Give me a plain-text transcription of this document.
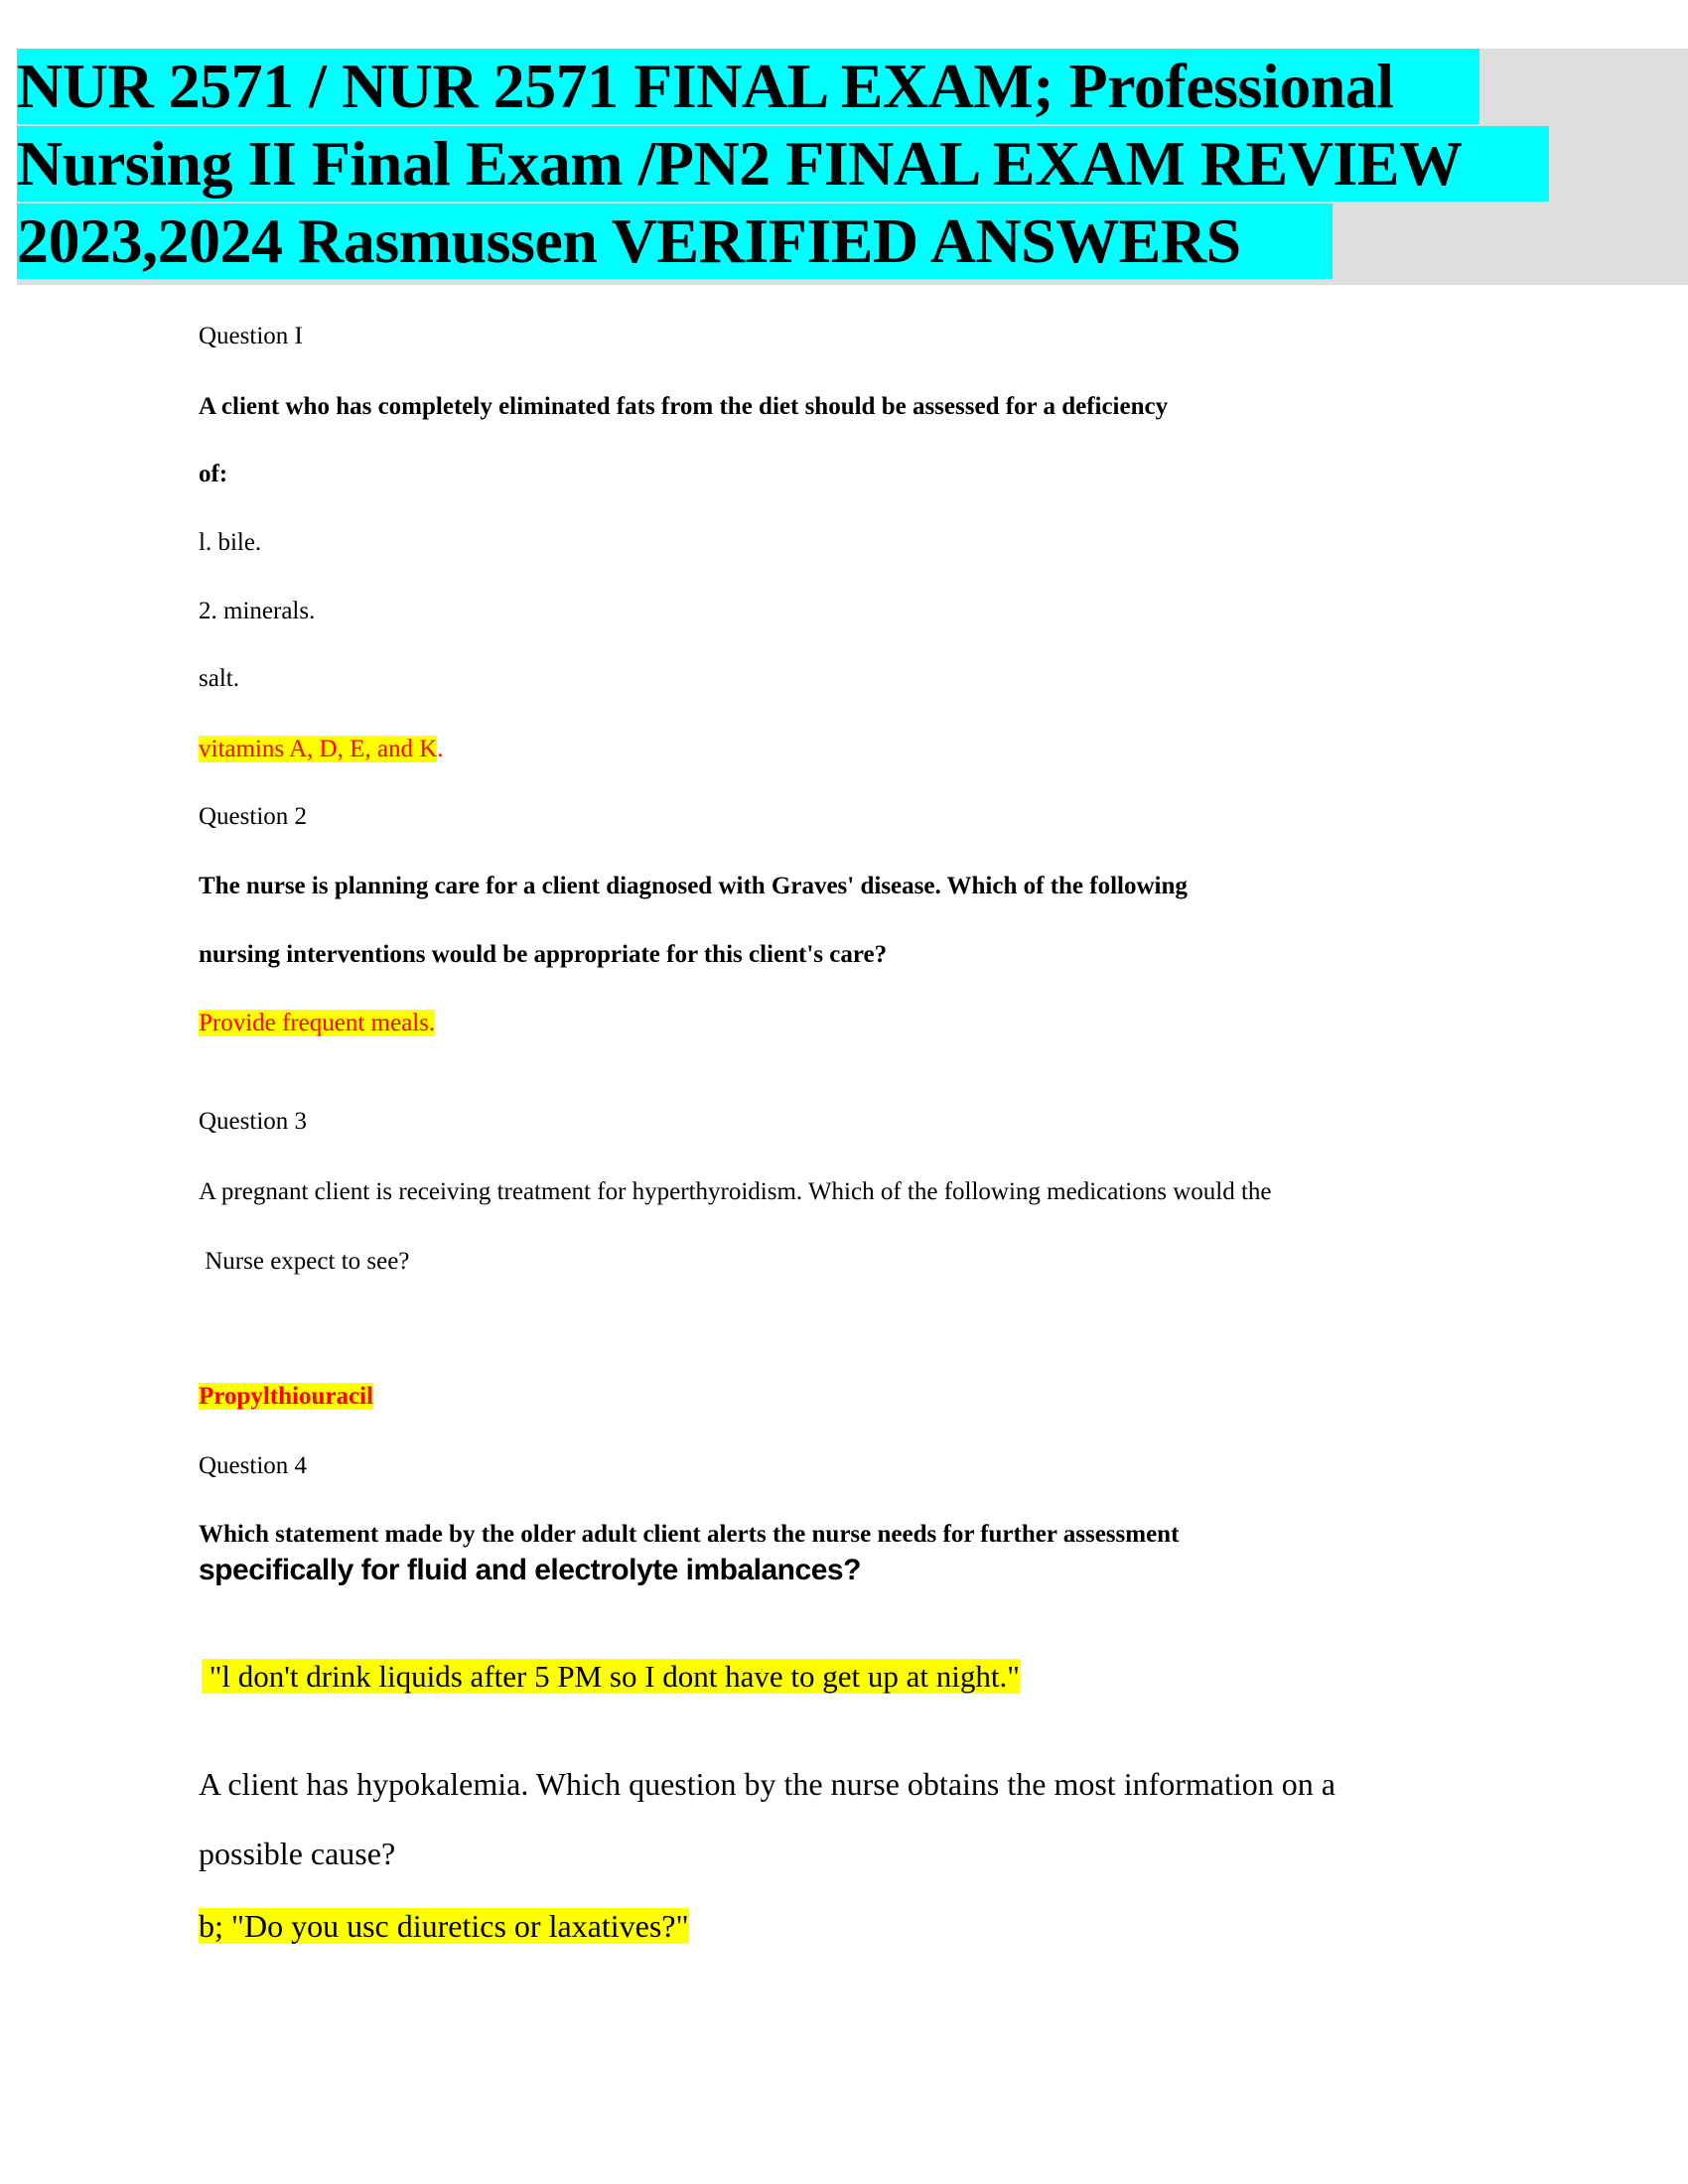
NUR 2571 / NUR 2571 FINAL EXAM; Professional
Nursing II Final Exam /PN2 FINAL EXAM REVIEW
2023,2024 Rasmussen VERIFIED ANSWERS
Question I
A client who has completely eliminated fats from the diet should be assessed for a deficiency
of:
l. bile.
2. minerals.
salt.
vitamins A, D, E, and K.
Question 2
The nurse is planning care for a client diagnosed with Graves' disease. Which of the following
nursing interventions would be appropriate for this client's care?
Provide frequent meals.
Question 3
A pregnant client is receiving treatment for hyperthyroidism. Which of the following medications would the
Nurse expect to see?
Propylthiouracil
Question 4
Which statement made by the older adult client alerts the nurse needs for further assessment
specifically for fluid and electrolyte imbalances?
"l don't drink liquids after 5 PM so I dont have to get up at night."
A client has hypokalemia. Which question by the nurse obtains the most information on a
possible cause?
b; "Do you usc diuretics or laxatives?"
